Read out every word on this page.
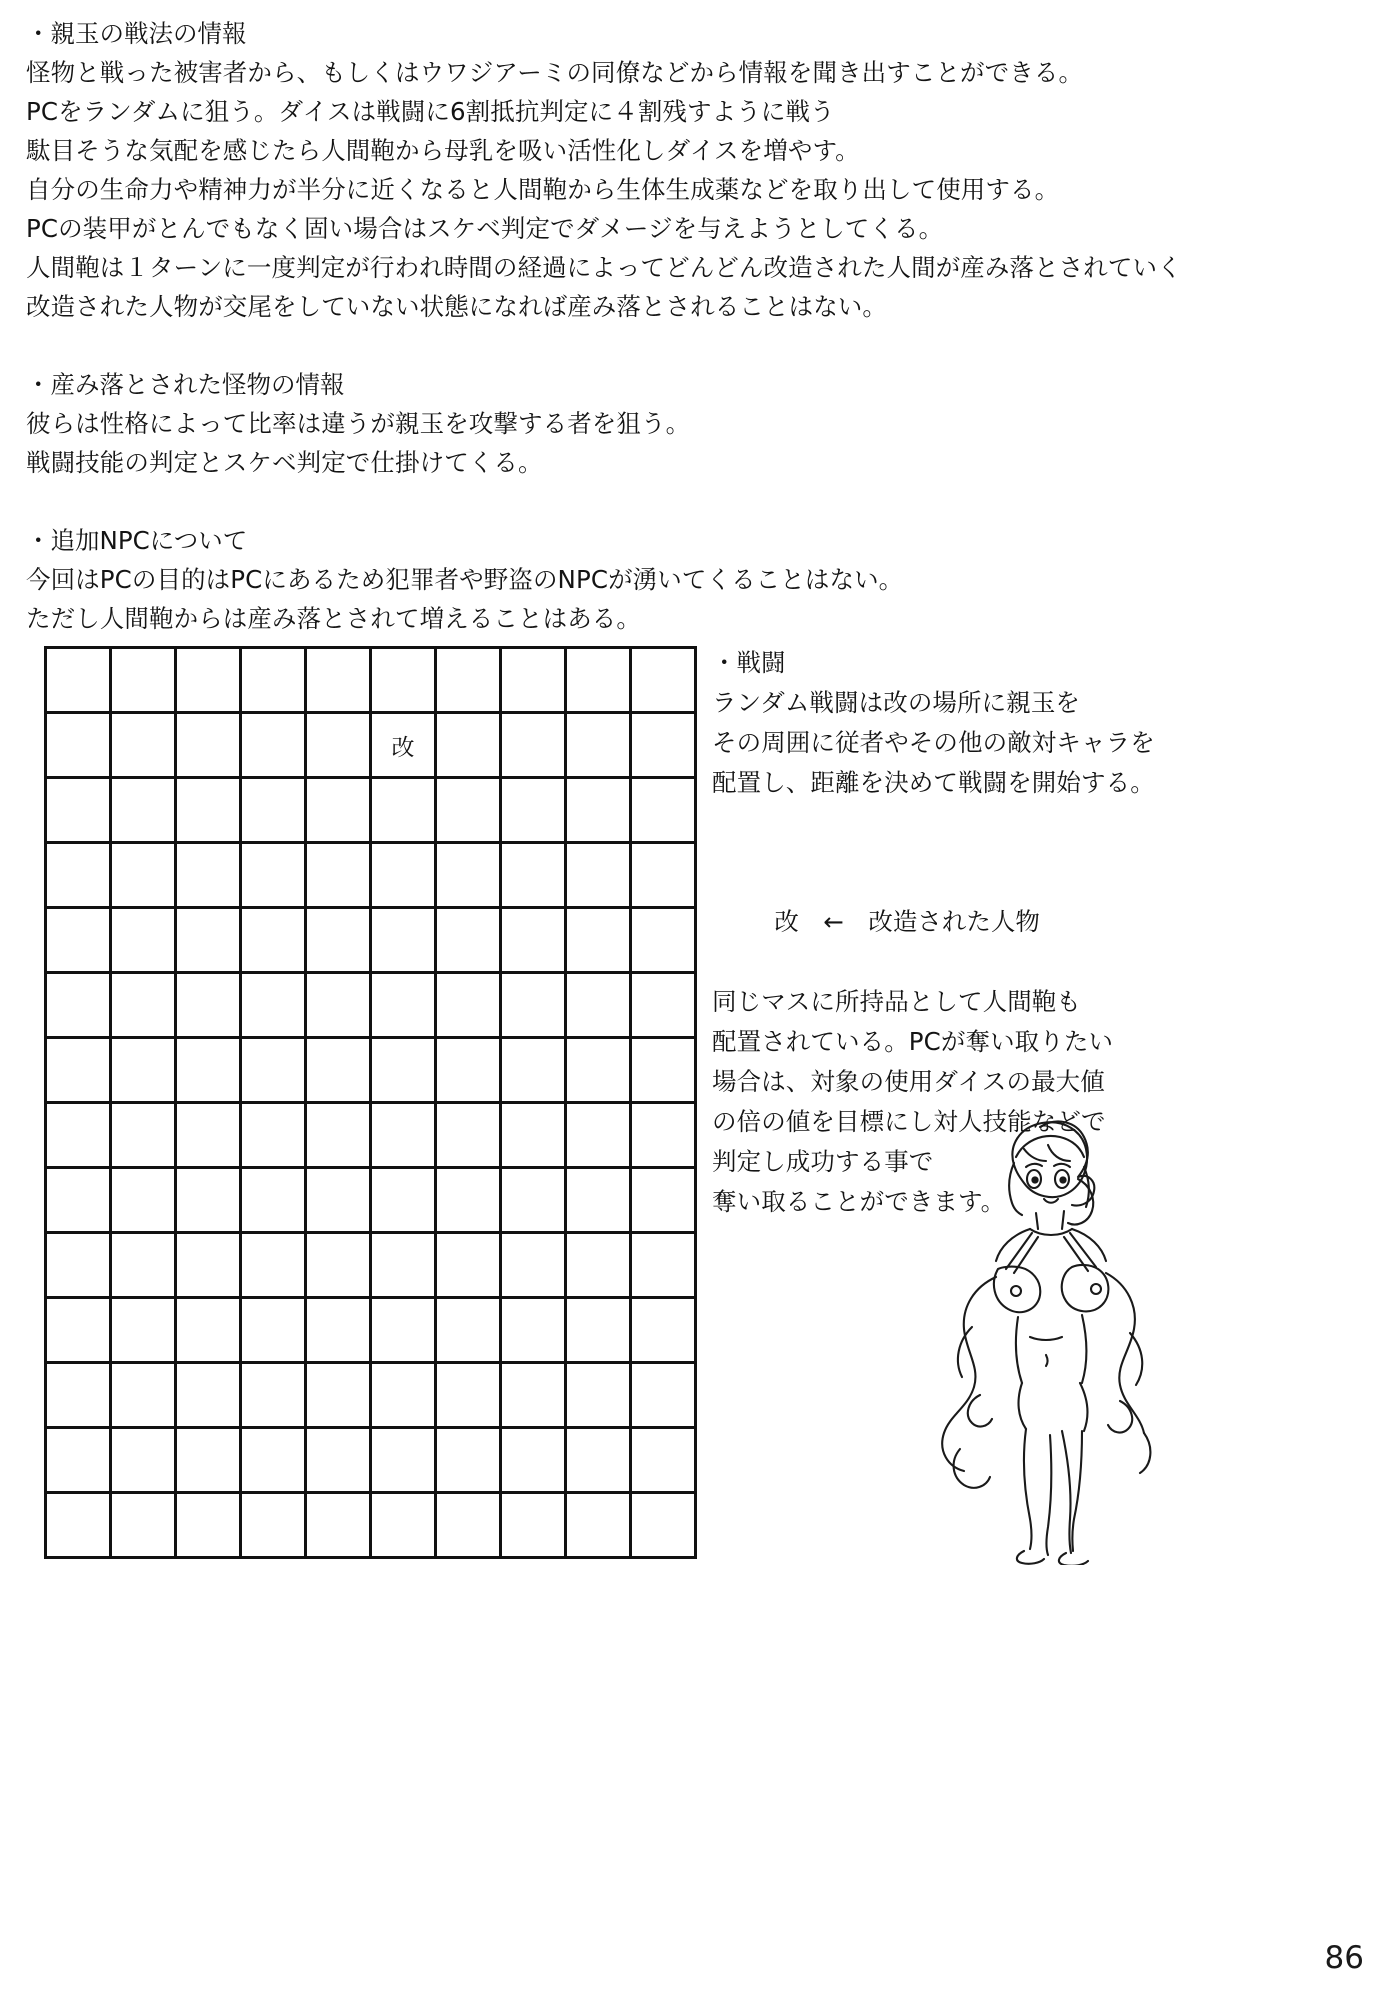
・親玉の戦法の情報
怪物と戦った被害者から、もしくはウワジアーミの同僚などから情報を聞き出すことができる。
PCをランダムに狙う。ダイスは戦闘に6割抵抗判定に４割残すように戦う
駄目そうな気配を感じたら人間鞄から母乳を吸い活性化しダイスを増やす。
自分の生命力や精神力が半分に近くなると人間鞄から生体生成薬などを取り出して使用する。
PCの装甲がとんでもなく固い場合はスケベ判定でダメージを与えようとしてくる。
人間鞄は１ターンに一度判定が行われ時間の経過によってどんどん改造された人間が産み落とされていく
改造された人物が交尾をしていない状態になれば産み落とされることはない。
・産み落とされた怪物の情報
彼らは性格によって比率は違うが親玉を攻撃する者を狙う。
戦闘技能の判定とスケベ判定で仕掛けてくる。
・追加NPCについて
今回はPCの目的はPCにあるため犯罪者や野盗のNPCが湧いてくることはない。
ただし人間鞄からは産み落とされて増えることはある。

					改				

・戦闘
ランダム戦闘は改の場所に親玉を
その周囲に従者やその他の敵対キャラを
配置し、距離を決めて戦闘を開始する。

改　 ←　 改造された人物

同じマスに所持品として人間鞄も
配置されている。PCが奪い取りたい
場合は、対象の使用ダイスの最大値
の倍の値を目標にし対人技能などで
判定し成功する事で
奪い取ることができます。
86
